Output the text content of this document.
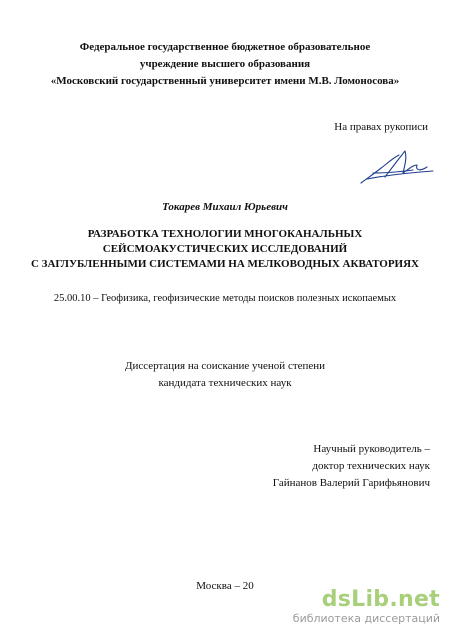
Федеральное государственное бюджетное образовательное
учреждение высшего образования
«Московский государственный университет имени М.В. Ломоносова»
На правах рукописи
Токарев Михаил Юрьевич
РАЗРАБОТКА ТЕХНОЛОГИИ МНОГОКАНАЛЬНЫХ
СЕЙСМОАКУСТИЧЕСКИХ ИССЛЕДОВАНИЙ
С ЗАГЛУБЛЕННЫМИ СИСТЕМАМИ НА МЕЛКОВОДНЫХ АКВАТОРИЯХ
25.00.10 – Геофизика, геофизические методы поисков полезных ископаемых
Диссертация на соискание ученой степени
кандидата технических наук
Научный руководитель –
доктор технических наук
Гайнанов Валерий Гарифьянович
Москва – 20
dsLib.net
библиотека диссертаций
